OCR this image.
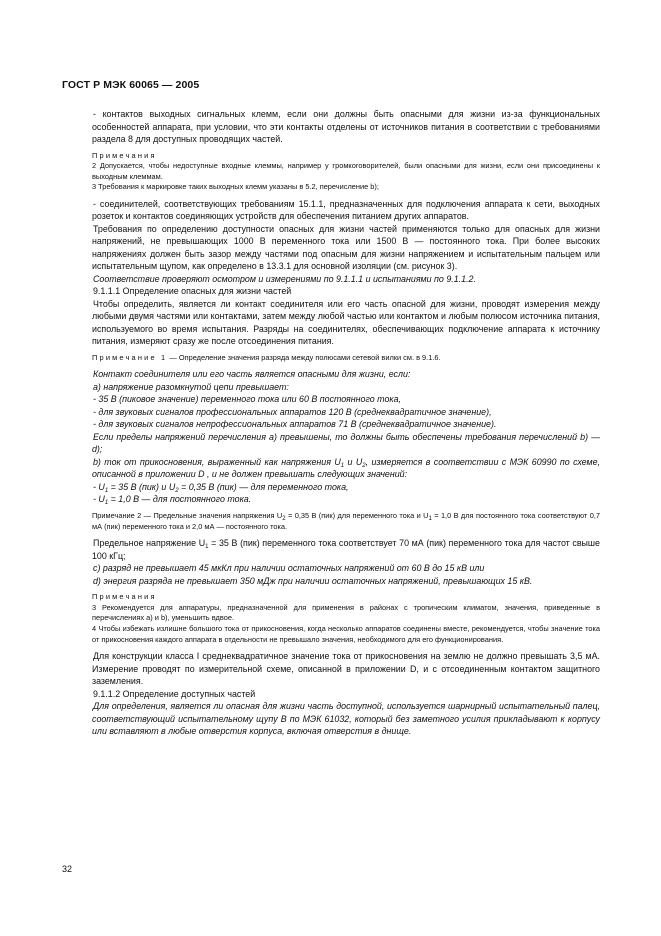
ГОСТ Р МЭК 60065 — 2005

- контактов выходных сигнальных клемм, если они должны быть опасными для жизни из-за функциональных особенностей аппарата, при условии, что эти контакты отделены от источников питания в соответствии с требованиями раздела 8 для доступных проводящих частей.

Примечания

2 Допускается, чтобы недоступные входные клеммы, например у громкоговорителей, были опасными для жизни, если они присоединены к выходным клеммам.

3 Требования к маркировке таких выходных клемм указаны в 5.2, перечисление b);

- соединителей, соответствующих требованиям 15.1.1, предназначенных для подключения аппарата к сети, выходных розеток и контактов соединяющих устройств для обеспечения питанием других аппаратов.

Требования по определению доступности опасных для жизни частей применяются только для опасных для жизни напряжений, не превышающих 1000 В переменного тока или 1500 В — постоянного тока. При более высоких напряжениях должен быть зазор между частями под опасным для жизни напряжением и испытательным пальцем или испытательным щупом, как определено в 13.3.1 для основной изоляции (см. рисунок 3).

Соответствие проверяют осмотром и измерениями по 9.1.1.1 и испытаниями по 9.1.1.2.

9.1.1.1 Определение опасных для жизни частей

Чтобы определить, является ли контакт соединителя или его часть опасной для жизни, проводят измерения между любыми двумя частями или контактами, затем между любой частью или контактом и любым полюсом источника питания, используемого во время испытания. Разряды на соединителях, обеспечивающих подключение аппарата к источнику питания, измеряют сразу же после отсоединения питания.

Примечание 1 — Определение значения разряда между полюсами сетевой вилки см. в 9.1.6.

Контакт соединителя или его часть является опасными для жизни, если:

а) напряжение разомкнутой цепи превышает:

- 35 В (пиковое значение) переменного тока или 60 В постоянного тока,

- для звуковых сигналов профессиональных аппаратов 120 В (среднеквадратичное значение),

- для звуковых сигналов непрофессиональных аппаратов 71 В (среднеквадратичное значение).

Если пределы напряжений перечисления а) превышены, то должны быть обеспечены требования перечислений b) — d);

b) ток от прикосновения, выраженный как напряжения $U_1$ и $U_2$, измеряется в соответствии с МЭК 60990 по схеме, описанной в приложении D , и не должен превышать следующих значений:

- $U_1 = 35$ В (пик) и $U_2 = 0,35$ В (пик) — для переменного тока,

- $U_1 = 1,0$ В — для постоянного тока.

Примечание 2 — Предельные значения напряжения $U_2 = 0,35$ В (пик) для переменного тока и $U_1 = 1,0$ В для постоянного тока соответствуют 0,7 мА (пик) переменного тока и 2,0 мА — постоянного тока.

Предельное напряжение $U_1 = 35$ В (пик) переменного тока соответствует 70 мА (пик) переменного тока для частот свыше 100 кГц;

с) разряд не превышает 45 мкКл при наличии остаточных напряжений от 60 В до 15 кВ или

d) энергия разряда не превышает 350 мДж при наличии остаточных напряжений, превышающих 15 кВ.

Примечания

3 Рекомендуется для аппаратуры, предназначенной для применения в районах с тропическим климатом, значения, приведенные в перечислениях а) и b), уменьшить вдвое.

4 Чтобы избежать излишне большого тока от прикосновения, когда несколько аппаратов соединены вместе, рекомендуется, чтобы значение тока от прикосновения каждого аппарата в отдельности не превышало значения, необходимого для его функционирования.

Для конструкции класса I среднеквадратичное значение тока от прикосновения на землю не должно превышать 3,5 мА. Измерение проводят по измерительной схеме, описанной в приложении D, и с отсоединенным контактом защитного заземления.

9.1.1.2 Определение доступных частей

Для определения, является ли опасная для жизни часть доступной, используется шарнирный испытательный палец, соответствующий испытательному щупу В по МЭК 61032, который без заметного усилия прикладывают к корпусу или вставляют в любые отверстия корпуса, включая отверстия в днище.

32
